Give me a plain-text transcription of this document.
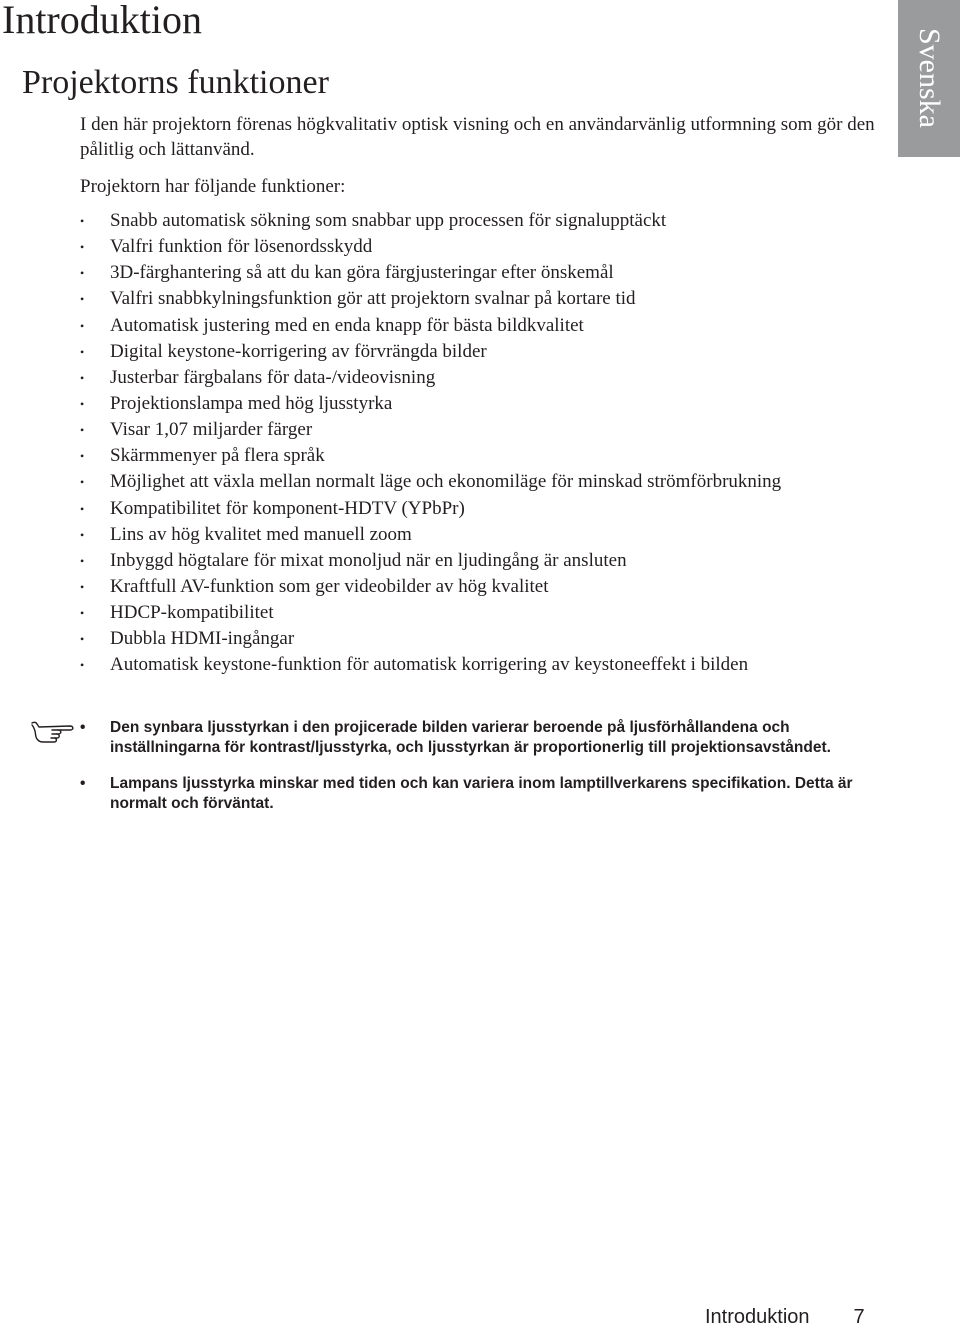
Introduktion
Svenska
Projektorns funktioner

I den här projektorn förenas högkvalitativ optisk visning och en användarvänlig utformning som gör den pålitlig och lättanvänd.

Projektorn har följande funktioner:

• Snabb automatisk sökning som snabbar upp processen för signalupptäckt
• Valfri funktion för lösenordsskydd
• 3D-färghantering så att du kan göra färgjusteringar efter önskemål
• Valfri snabbkylningsfunktion gör att projektorn svalnar på kortare tid
• Automatisk justering med en enda knapp för bästa bildkvalitet
• Digital keystone-korrigering av förvrängda bilder
• Justerbar färgbalans för data-/videovisning
• Projektionslampa med hög ljusstyrka
• Visar 1,07 miljarder färger
• Skärmmenyer på flera språk
• Möjlighet att växla mellan normalt läge och ekonomiläge för minskad strömförbrukning
• Kompatibilitet för komponent-HDTV (YPbPr)
• Lins av hög kvalitet med manuell zoom
• Inbyggd högtalare för mixat monoljud när en ljudingång är ansluten
• Kraftfull AV-funktion som ger videobilder av hög kvalitet
• HDCP-kompatibilitet
• Dubbla HDMI-ingångar
• Automatisk keystone-funktion för automatisk korrigering av keystoneeffekt i bilden
• Den synbara ljusstyrkan i den projicerade bilden varierar beroende på ljusförhållandena och inställningarna för kontrast/ljusstyrka, och ljusstyrkan är proportionerlig till projektionsavståndet.
• Lampans ljusstyrka minskar med tiden och kan variera inom lamptillverkarens specifikation. Detta är normalt och förväntat.
Introduktion 7
